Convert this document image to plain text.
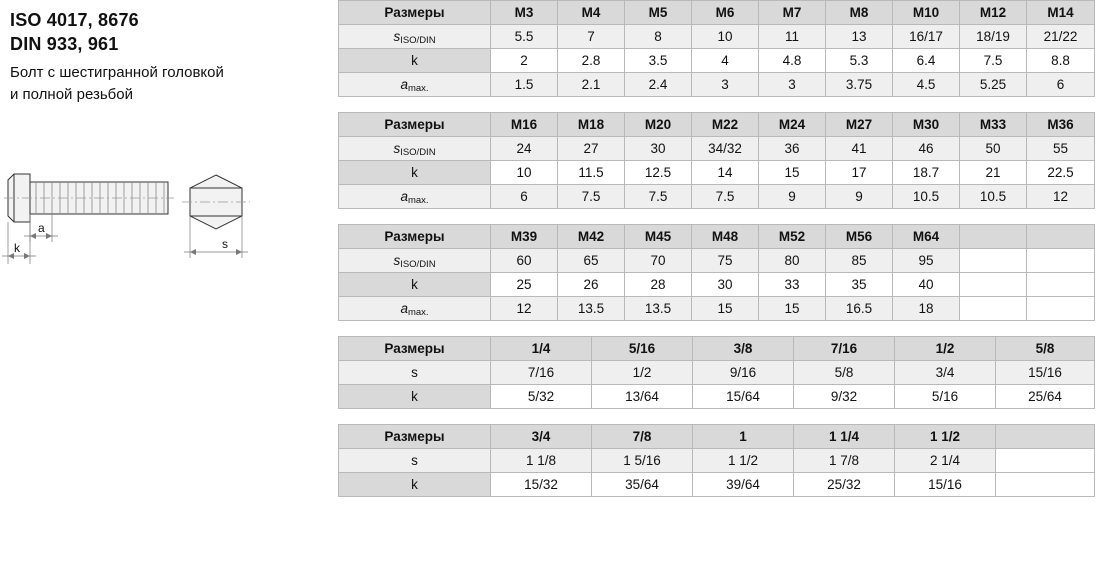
ISO 4017, 8676
DIN 933, 961
Болт с шестигранной головкой
и полной резьбой
k
a
s
Размеры	M3	M4	M5	M6	M7	M8	M10	M12	M14
sISO/DIN	5.5	7	8	10	11	13	16/17	18/19	21/22
k	2	2.8	3.5	4	4.8	5.3	6.4	7.5	8.8
amax.	1.5	2.1	2.4	3	3	3.75	4.5	5.25	6
Размеры	M16	M18	M20	M22	M24	M27	M30	M33	M36
sISO/DIN	24	27	30	34/32	36	41	46	50	55
k	10	11.5	12.5	14	15	17	18.7	21	22.5
amax.	6	7.5	7.5	7.5	9	9	10.5	10.5	12
Размеры	M39	M42	M45	M48	M52	M56	M64		
sISO/DIN	60	65	70	75	80	85	95		
k	25	26	28	30	33	35	40		
amax.	12	13.5	13.5	15	15	16.5	18		
Размеры	1/4	5/16	3/8	7/16	1/2	5/8
s	7/16	1/2	9/16	5/8	3/4	15/16
k	5/32	13/64	15/64	9/32	5/16	25/64
Размеры	3/4	7/8	1	1 1/4	1 1/2	
s	1 1/8	1 5/16	1 1/2	1 7/8	2 1/4	
k	15/32	35/64	39/64	25/32	15/16	
